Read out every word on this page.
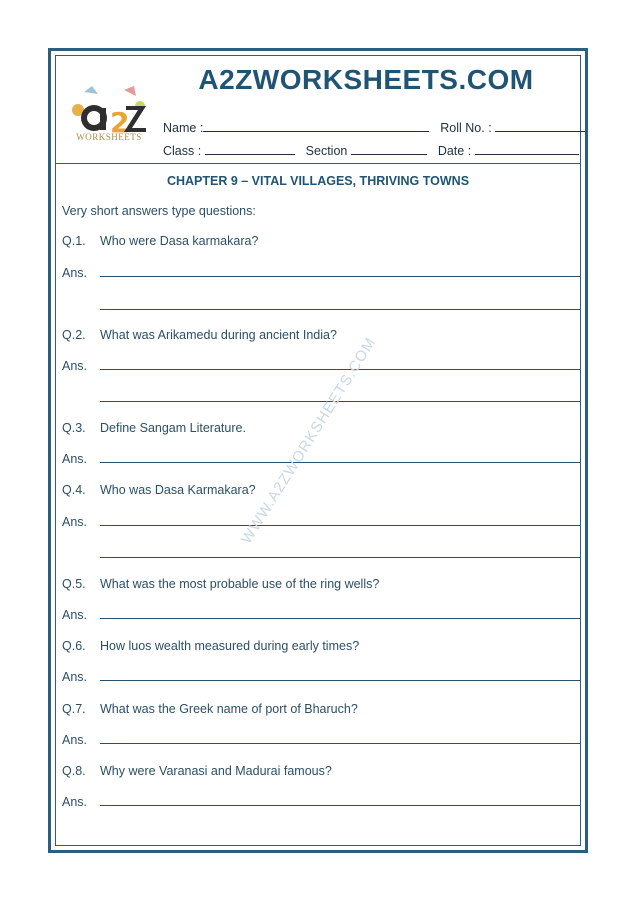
2
WORKSHEETS
A2ZWORKSHEETS.COM
Name :	Roll No. :
Class :	Section	Date :
CHAPTER 9 – VITAL VILLAGES, THRIVING TOWNS
Very short answers type questions:
Q.1. Who were Dasa karmakara?
Ans.
Q.2. What was Arikamedu during ancient India?
Ans.
Q.3. Define Sangam Literature.
Ans.
Q.4. Who was Dasa Karmakara?
Ans.
Q.5. What was the most probable use of the ring wells?
Ans.
Q.6. How luos wealth measured during early times?
Ans.
Q.7. What was the Greek name of port of Bharuch?
Ans.
Q.8. Why were Varanasi and Madurai famous?
Ans.
WWW.A2ZWORKSHEETS.COM
